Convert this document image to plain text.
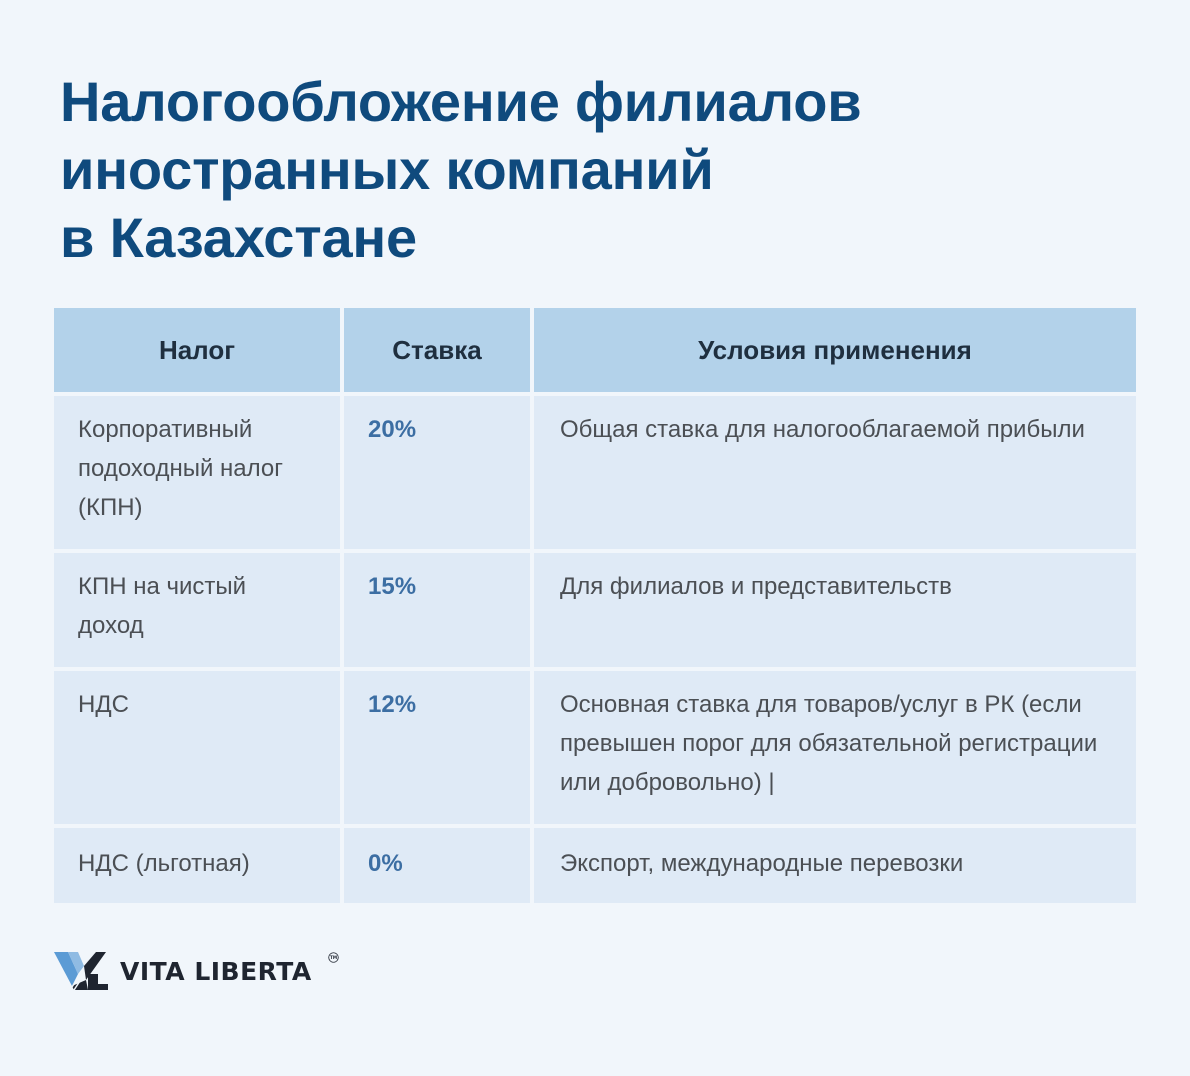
Налогообложение филиалов
иностранных компаний
в Казахстане
Налог	Ставка	Условия применения
Корпоративный подоходный налог (КПН)	20%	Общая ставка для налогооблагаемой прибыли
КПН на чистый доход	15%	Для филиалов и представительств
НДС	12%	Основная ставка для товаров/услуг в РК (если превышен порог для обязательной регистрации или добровольно) |
НДС (льготная)	0%	Экспорт, международные перевозки
VITA LIBERTA	TM
